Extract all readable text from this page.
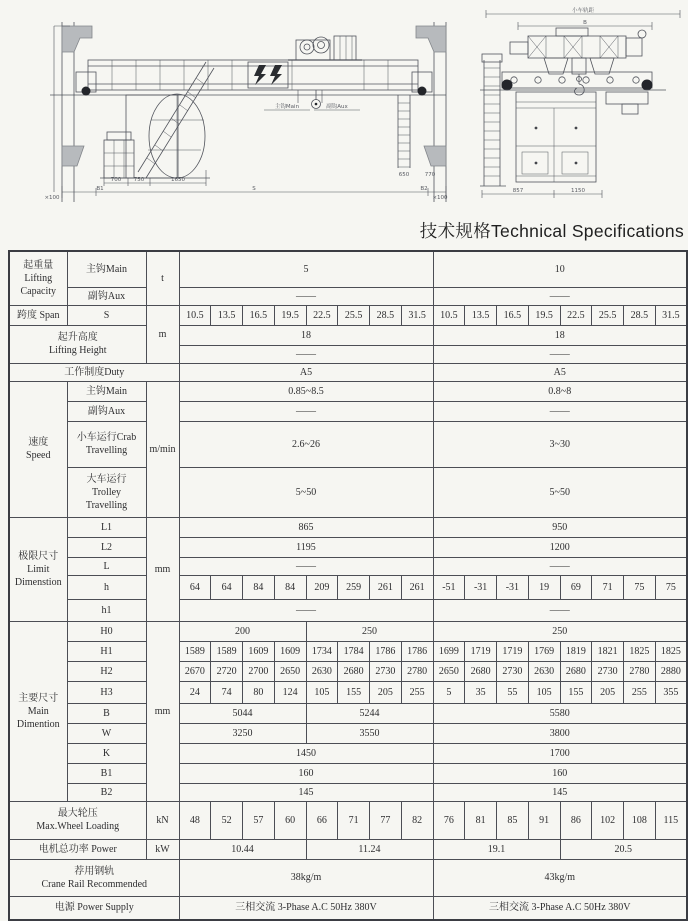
主钩Main	副钩Aux
700 750	1650
S
B1	B2
×100	×100
650	770
小车轨距
B
857	1150
技术规格Technical Specifications
起重量
Lifting
Capacity	主钩Main	t	5								10							
	副钩Aux		——								——							
跨度 Span	S	m	10.5	13.5	16.5	19.5	22.5	25.5	28.5	31.5	10.5	13.5	16.5	19.5	22.5	25.5	28.5	31.5

起升高度
Lifting Height			18								18							
			——								——							
工作制度Duty			A5								A5							

速度
Speed	主钩Main	m/min	0.85~8.5								0.8~8							
	副钩Aux		——								——							

	小车运行Crab
Travelling		2.6~26								3~30							

	大车运行
Trolley
Travelling		5~50								5~50							

极限尺寸
Limit
Dimenstion	L1	mm	865								950							
	L2		1195								1200							
	L		——								——							
	h		64	64	84	84	209	259	261	261	-51	-31	-31	19	69	71	75	75
	h1		——								——							

主要尺寸
Main
Dimention	H0	mm	200				250				250							
	H1		1589	1589	1609	1609	1734	1784	1786	1786	1699	1719	1719	1769	1819	1821	1825	1825
	H2		2670	2720	2700	2650	2630	2680	2730	2780	2650	2680	2730	2630	2680	2730	2780	2880
	H3		24	74	80	124	105	155	205	255	5	35	55	105	155	205	255	355
	B		5044				5244				5580							
	W		3250				3550				3800							
	K		1450								1700							
	B1		160								160							
	B2		145								145							

最大轮压
Max.Wheel Loading		kN	48	52	57	60	66	71	77	82	76	81	85	91	86	102	108	115
电机总功率 Power		kW	10.44				11.24				19.1				20.5			

荐用钢轨
Crane Rail Recommended			38kg/m								43kg/m							
电源 Power Supply			三相交流 3-Phase A.C 50Hz 380V								三相交流 3-Phase A.C 50Hz 380V							
